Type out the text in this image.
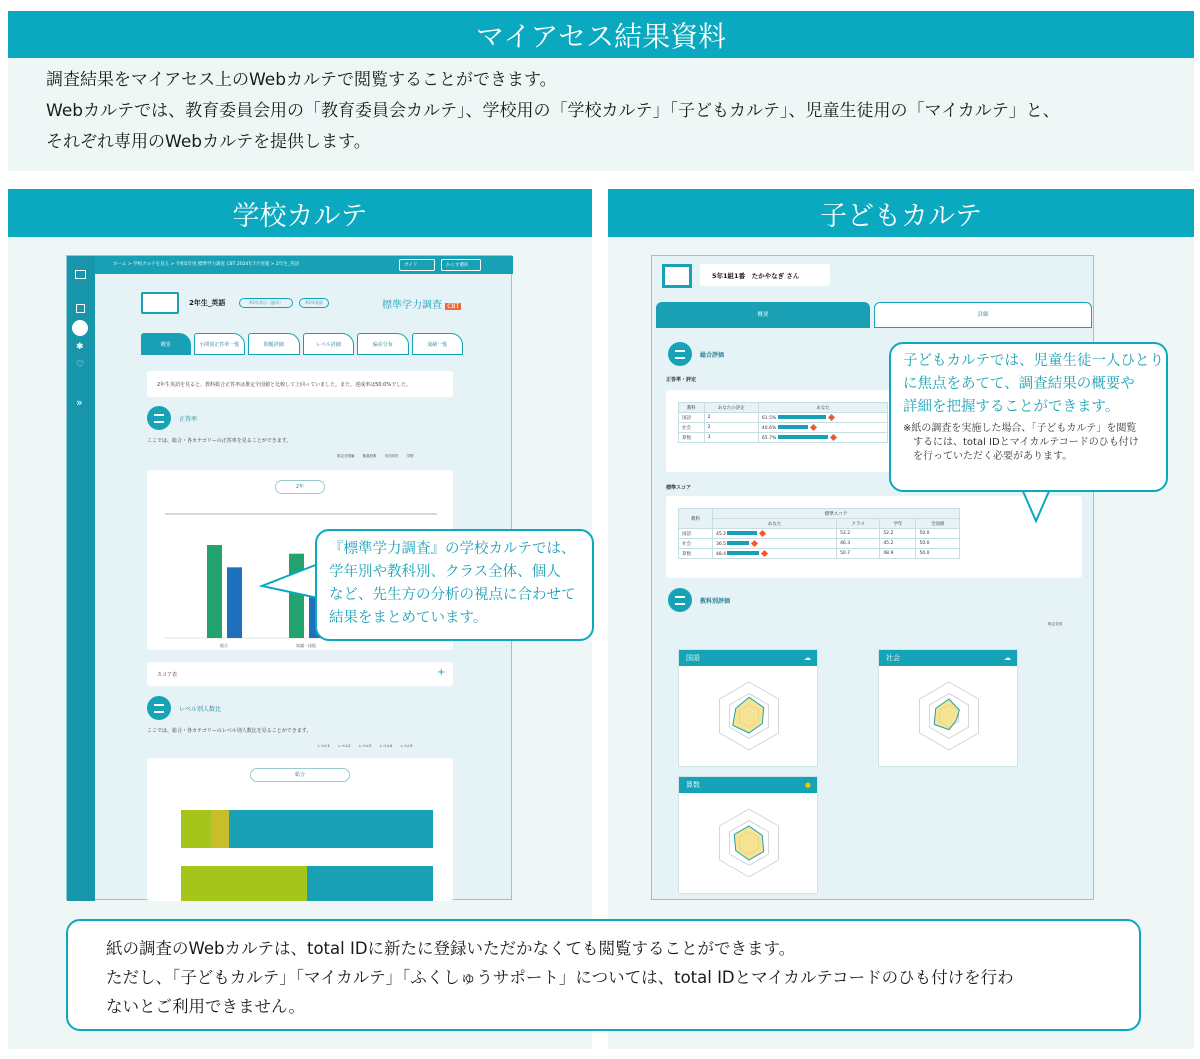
マイアセス結果資料
調査結果をマイアセス上のWebカルテで閲覧することができます。
Webカルテでは、教育委員会用の「教育委員会カルテ」、学校用の「学校カルテ」「子どもカルテ」、児童生徒用の「マイカルテ」と、
それぞれ専用のWebカルテを提供します。
学校カルテ
✱
♡
»
ホーム > 学校カルテを見る > 令和5年度 標準学力調査 CBT 2024年7月実施 > 2年生_英語	ガイド	かんす選択
2年生_英語	#2年表示（過年）	#2年英語	標準学力調査 CBT
概要	小問別正答率一覧	問題詳細	レベル詳細	偏差分布	成績一覧
2年生英語を見ると、教科総合正答率は推定全国値と比較して上回っていました。また、達成率は50.0%でした。
正答率
ここでは、総合・各カテゴリーの正答率を見ることができます。
推定全国値 都道府県 市区町村 学校
2年
総合	知識・技能
スコア表	+
レベル別人数比
ここでは、総合・各カテゴリーのレベル別人数比を見ることができます。
レベル1 レベル2 レベル3 レベル4 レベル5
総合
『標準学力調査』の学校カルテでは、
学年別や教科別、クラス全体、個人
など、先生方の分析の視点に合わせて
結果をまとめています。
子どもカルテ
5年1組1番　たかやなぎ さん
概要	詳細
総合評価
正答率・評定
教科	あなたの評定	あなた
国語	2	61.5%
社会	2	40.6%
算数	3	65.7%
標準スコア
教科	標準スコア			
	あなた	クラス	学年	全国値
国語	45.2	53.2	52.2	50.0
社会	36.5	46.3	45.2	50.0
算数	48.4	50.7	48.9	50.0
教科別評価
推定全国
国語	☁	社会	☁
算数	●
子どもカルテでは、児童生徒一人ひとり
に焦点をあてて、調査結果の概要や
詳細を把握することができます。
※紙の調査を実施した場合、「子どもカルテ」を閲覧
するには、total IDとマイカルテコードのひも付け
を行っていただく必要があります。
紙の調査のWebカルテは、total IDに新たに登録いただかなくても閲覧することができます。
ただし、「子どもカルテ」「マイカルテ」「ふくしゅうサポート」については、total IDとマイカルテコードのひも付けを行わ
ないとご利用できません。
